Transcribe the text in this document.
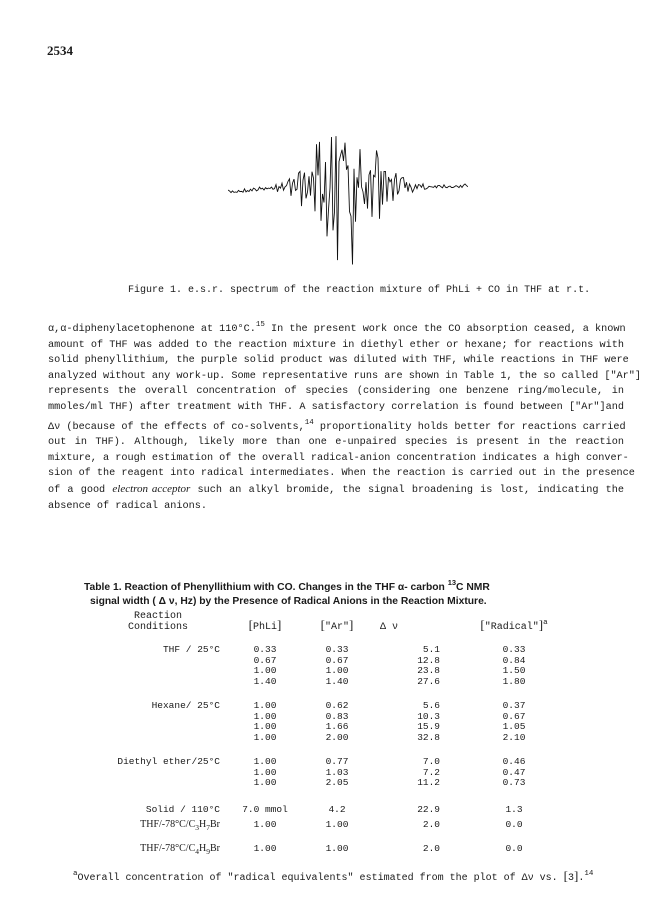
2534
Figure 1. e.s.r. spectrum of the reaction mixture of PhLi + CO in THF at r.t.
α,α-diphenylacetophenone at 110°C.$^{15}$ In the present work once the CO absorption ceased, a known
amount of THF was added to the reaction mixture in diethyl ether or hexane; for reactions with
solid phenyllithium, the purple solid product was diluted with THF, while reactions in THF were
analyzed without any work-up. Some representative runs are shown in Table 1, the so called ["Ar"]
represents the overall concentration of species (considering one benzene ring/molecule, in
mmoles/ml THF) after treatment with THF. A satisfactory correlation is found between ["Ar"]and
Δν (because of the effects of co-solvents,$^{14}$ proportionality holds better for reactions carried
out in THF). Although, likely more than one e-unpaired species is present in the reaction
mixture, a rough estimation of the overall radical-anion concentration indicates a high conver-
sion of the reagent into radical intermediates. When the reaction is carried out in the presence
of a good electron acceptor such an alkyl bromide, the signal broadening is lost, indicating the
absence of radical anions.
Table 1. Reaction of Phenyllithium with CO. Changes in the THF α- carbon $^{13}$C NMR
signal width ( Δ ν, Hz) by the Presence of Radical Anions in the Reaction Mixture.
Reaction
Conditions	[PhLi]	["Ar"]	Δ ν	["Radical"]$^a$

THF / 25°C	0.33	0.33	5.1	0.33
	0.67	0.67	12.8	0.84
	1.00	1.00	23.8	1.50
	1.40	1.40	27.6	1.80

Hexane/ 25°C	1.00	0.62	5.6	0.37
	1.00	0.83	10.3	0.67
	1.00	1.66	15.9	1.05
	1.00	2.00	32.8	2.10

Diethyl ether/25°C	1.00	0.77	7.0	0.46
	1.00	1.03	7.2	0.47
	1.00	2.05	11.2	0.73

Solid / 110°C	7.0 mmol	4.2	22.9	1.3

THF/$-78^\circ C/C_3H_7Br$	1.00	1.00	2.0	0.0

THF/$-78^\circ C/C_4H_9Br$	1.00	1.00	2.0	0.0
$^a$Overall concentration of "radical equivalents" estimated from the plot of Δν vs. [3].$^{14}$
